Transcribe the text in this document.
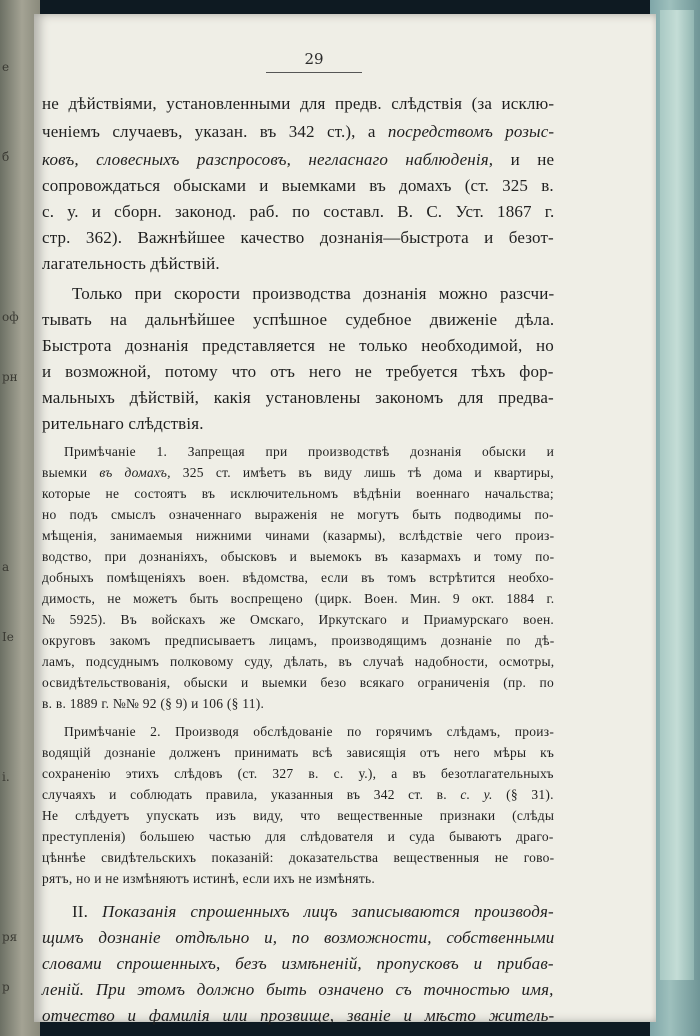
е
б
оф
рн
а
Ie
i.
ря
р
29
не дѣйствіями, установленными для предв. слѣдствія (за исклю-
ченіемъ случаевъ, указан. въ 342 ст.), а посредствомъ розыс-
ковъ, словесныхъ разспросовъ, негласнаго наблюденія, и не
сопровождаться обысками и выемками въ домахъ (ст. 325 в.
с. у. и сборн. законод. раб. по составл. В. С. Уст. 1867 г.
стр. 362). Важнѣйшее качество дознанія—быстрота и безот-
лагательность дѣйствій.
Только при скорости производства дознанія можно разсчи-
тывать на дальнѣйшее успѣшное судебное движеніе дѣла.
Быстрота дознанія представляется не только необходимой, но
и возможной, потому что отъ него не требуется тѣхъ фор-
мальныхъ дѣйствій, какія установлены закономъ для предва-
рительнаго слѣдствія.
Примѣчаніе 1. Запрещая при производствѣ дознанія обыски и
выемки въ домахъ, 325 ст. имѣетъ въ виду лишь тѣ дома и квартиры,
которые не состоятъ въ исключительномъ вѣдѣніи военнаго начальства;
но подъ смыслъ означеннаго выраженія не могутъ быть подводимы по-
мѣщенія, занимаемыя нижними чинами (казармы), вслѣдствіе чего произ-
водство, при дознаніяхъ, обысковъ и выемокъ въ казармахъ и тому по-
добныхъ помѣщеніяхъ воен. вѣдомства, если въ томъ встрѣтится необхо-
димость, не можетъ быть воспрещено (цирк. Воен. Мин. 9 окт. 1884 г.
№ 5925). Въ войскахъ же Омскаго, Иркутскаго и Приамурскаго воен.
округовъ закомъ предписываетъ лицамъ, производящимъ дознаніе по дѣ-
ламъ, подсуднымъ полковому суду, дѣлать, въ случаѣ надобности, осмотры,
освидѣтельствованія, обыски и выемки безо всякаго ограниченія (пр. по
в. в. 1889 г. №№ 92 (§ 9) и 106 (§ 11).
Примѣчаніе 2. Производя обслѣдованіе по горячимъ слѣдамъ, произ-
водящій дознаніе долженъ принимать всѣ зависящія отъ него мѣры къ
сохраненію этихъ слѣдовъ (ст. 327 в. с. у.), а въ безотлагательныхъ
случаяхъ и соблюдать правила, указанныя въ 342 ст. в. с. у. (§ 31).
Не слѣдуетъ упускать изъ виду, что вещественные признаки (слѣды
преступленія) большею частью для слѣдователя и суда бываютъ драго-
цѣннѣе свидѣтельскихъ показаній: доказательства вещественныя не гово-
рятъ, но и не измѣняютъ истинѣ, если ихъ не измѣнять.
II. Показанія спрошенныхъ лицъ записываются производя-
щимъ дознаніе отдѣльно и, по возможности, собственными
словами спрошенныхъ, безъ измѣненій, пропусковъ и прибав-
леній. При этомъ должно быть означено съ точностью имя,
отчество и фамилія или прозвище, званіе и мѣсто житель-
